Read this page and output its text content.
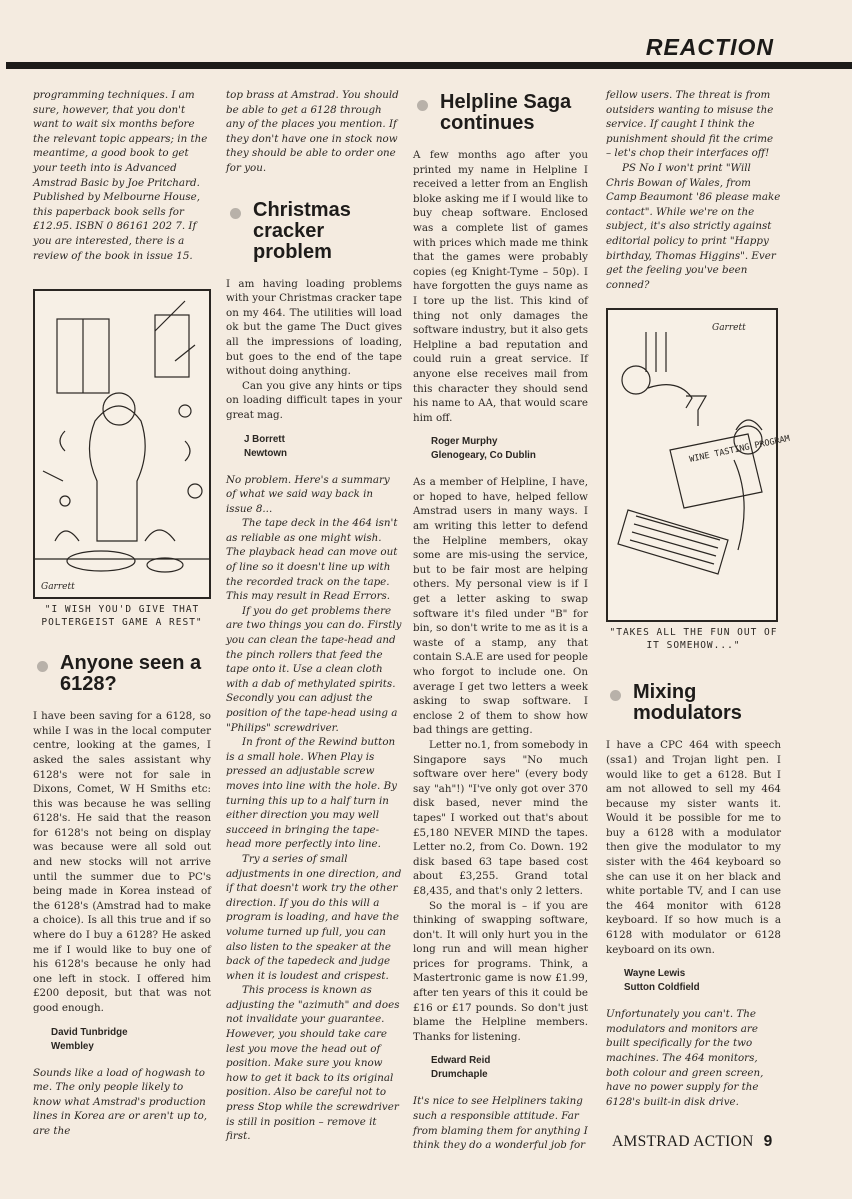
REACTION

programming techniques. I am sure, however, that you don't want to wait six months before the relevant topic appears; in the meantime, a good book to get your teeth into is Advanced Amstrad Basic by Joe Pritchard. Published by Melbourne House, this paperback book sells for £12.95. ISBN 0 86161 202 7. If you are interested, there is a review of the book in issue 15.

Garrett
"I WISH YOU'D GIVE THAT POLTERGEIST GAME A REST"
Anyone seen a 6128?

I have been saving for a 6128, so while I was in the local computer centre, looking at the games, I asked the sales assistant why 6128's were not for sale in Dixons, Comet, W H Smiths etc: this was because he was selling 6128's. He said that the reason for 6128's not being on display was because were all sold out and new stocks will not arrive until the summer due to PC's being made in Korea instead of the 6128's (Amstrad had to make a choice). Is all this true and if so where do I buy a 6128? He asked me if I would like to buy one of his 6128's because he only had one left in stock. I offered him £200 deposit, but that was not good enough.

David Tunbridge
Wembley

Sounds like a load of hogwash to me. The only people likely to know what Amstrad's production lines in Korea are or aren't up to, are the

top brass at Amstrad. You should be able to get a 6128 through any of the places you mention. If they don't have one in stock now they should be able to order one for you.

Christmas cracker problem

I am having loading problems with your Christmas cracker tape on my 464. The utilities will load ok but the game The Duct gives all the impressions of loading, but goes to the end of the tape without doing anything.

Can you give any hints or tips on loading difficult tapes in your great mag.

J Borrett
Newtown

No problem. Here's a summary of what we said way back in issue 8...

The tape deck in the 464 isn't as reliable as one might wish. The playback head can move out of line so it doesn't line up with the recorded track on the tape. This may result in Read Errors.

If you do get problems there are two things you can do. Firstly you can clean the tape-head and the pinch rollers that feed the tape onto it. Use a clean cloth with a dab of methylated spirits. Secondly you can adjust the position of the tape-head using a "Philips" screwdriver.

In front of the Rewind button is a small hole. When Play is pressed an adjustable screw moves into line with the hole. By turning this up to a half turn in either direction you may well succeed in bringing the tape-head more perfectly into line.

Try a series of small adjustments in one direction, and if that doesn't work try the other direction. If you do this will a program is loading, and have the volume turned up full, you can also listen to the speaker at the back of the tapedeck and judge when it is loudest and crispest.

This process is known as adjusting the "azimuth" and does not invalidate your guarantee. However, you should take care lest you move the head out of position. Make sure you know how to get it back to its original position. Also be careful not to press Stop while the screwdriver is still in position – remove it first.

Helpline Saga continues

A few months ago after you printed my name in Helpline I received a letter from an English bloke asking me if I would like to buy cheap software. Enclosed was a complete list of games with prices which made me think that the games were probably copies (eg Knight-Tyme – 50p). I have forgotten the guys name as I tore up the list. This kind of thing not only damages the software industry, but it also gets Helpline a bad reputation and could ruin a great service. If anyone else receives mail from this character they should send his name to AA, that would scare him off.

Roger Murphy
Glenogeary, Co Dublin

As a member of Helpline, I have, or hoped to have, helped fellow Amstrad users in many ways. I am writing this letter to defend the Helpline members, okay some are mis-using the service, but to be fair most are helping others. My personal view is if I get a letter asking to swap software it's filed under "B" for bin, so don't write to me as it is a waste of a stamp, any that contain S.A.E are used for people who forgot to include one. On average I get two letters a week asking to swap software. I enclose 2 of them to show how bad things are getting.

Letter no.1, from somebody in Singapore says "No much software over here" (every body say "ah"!) "I've only got over 370 disk based, never mind the tapes" I worked out that's about £5,180 NEVER MIND the tapes. Letter no.2, from Co. Down. 192 disk based 63 tape based cost about £3,255. Grand total £8,435, and that's only 2 letters.

So the moral is – if you are thinking of swapping software, don't. It will only hurt you in the long run and will mean higher prices for programs. Think, a Mastertronic game is now £1.99, after ten years of this it could be £16 or £17 pounds. So don't just blame the Helpline members. Thanks for listening.

Edward Reid
Drumchaple

It's nice to see Helpliners taking such a responsible attitude. Far from blaming them for anything I think they do a wonderful job for

fellow users. The threat is from outsiders wanting to misuse the service. If caught I think the punishment should fit the crime – let's chop their interfaces off!

PS No I won't print "Will Chris Bowan of Wales, from Camp Beaumont '86 please make contact". While we're on the subject, it's also strictly against editorial policy to print "Happy birthday, Thomas Higgins". Ever get the feeling you've been conned?

WINE TASTING PROGRAM
Garrett
"TAKES ALL THE FUN OUT OF IT SOMEHOW..."
Mixing modulators

I have a CPC 464 with speech (ssa1) and Trojan light pen. I would like to get a 6128. But I am not allowed to sell my 464 because my sister wants it. Would it be possible for me to buy a 6128 with a modulator then give the modulator to my sister with the 464 keyboard so she can use it on her black and white portable TV, and I can use the 464 monitor with 6128 keyboard. If so how much is a 6128 with modulator or 6128 keyboard on its own.

Wayne Lewis
Sutton Coldfield

Unfortunately you can't. The modulators and monitors are built specifically for the two machines. The 464 monitors, both colour and green screen, have no power supply for the 6128's built-in disk drive.

AMSTRAD ACTION 9
